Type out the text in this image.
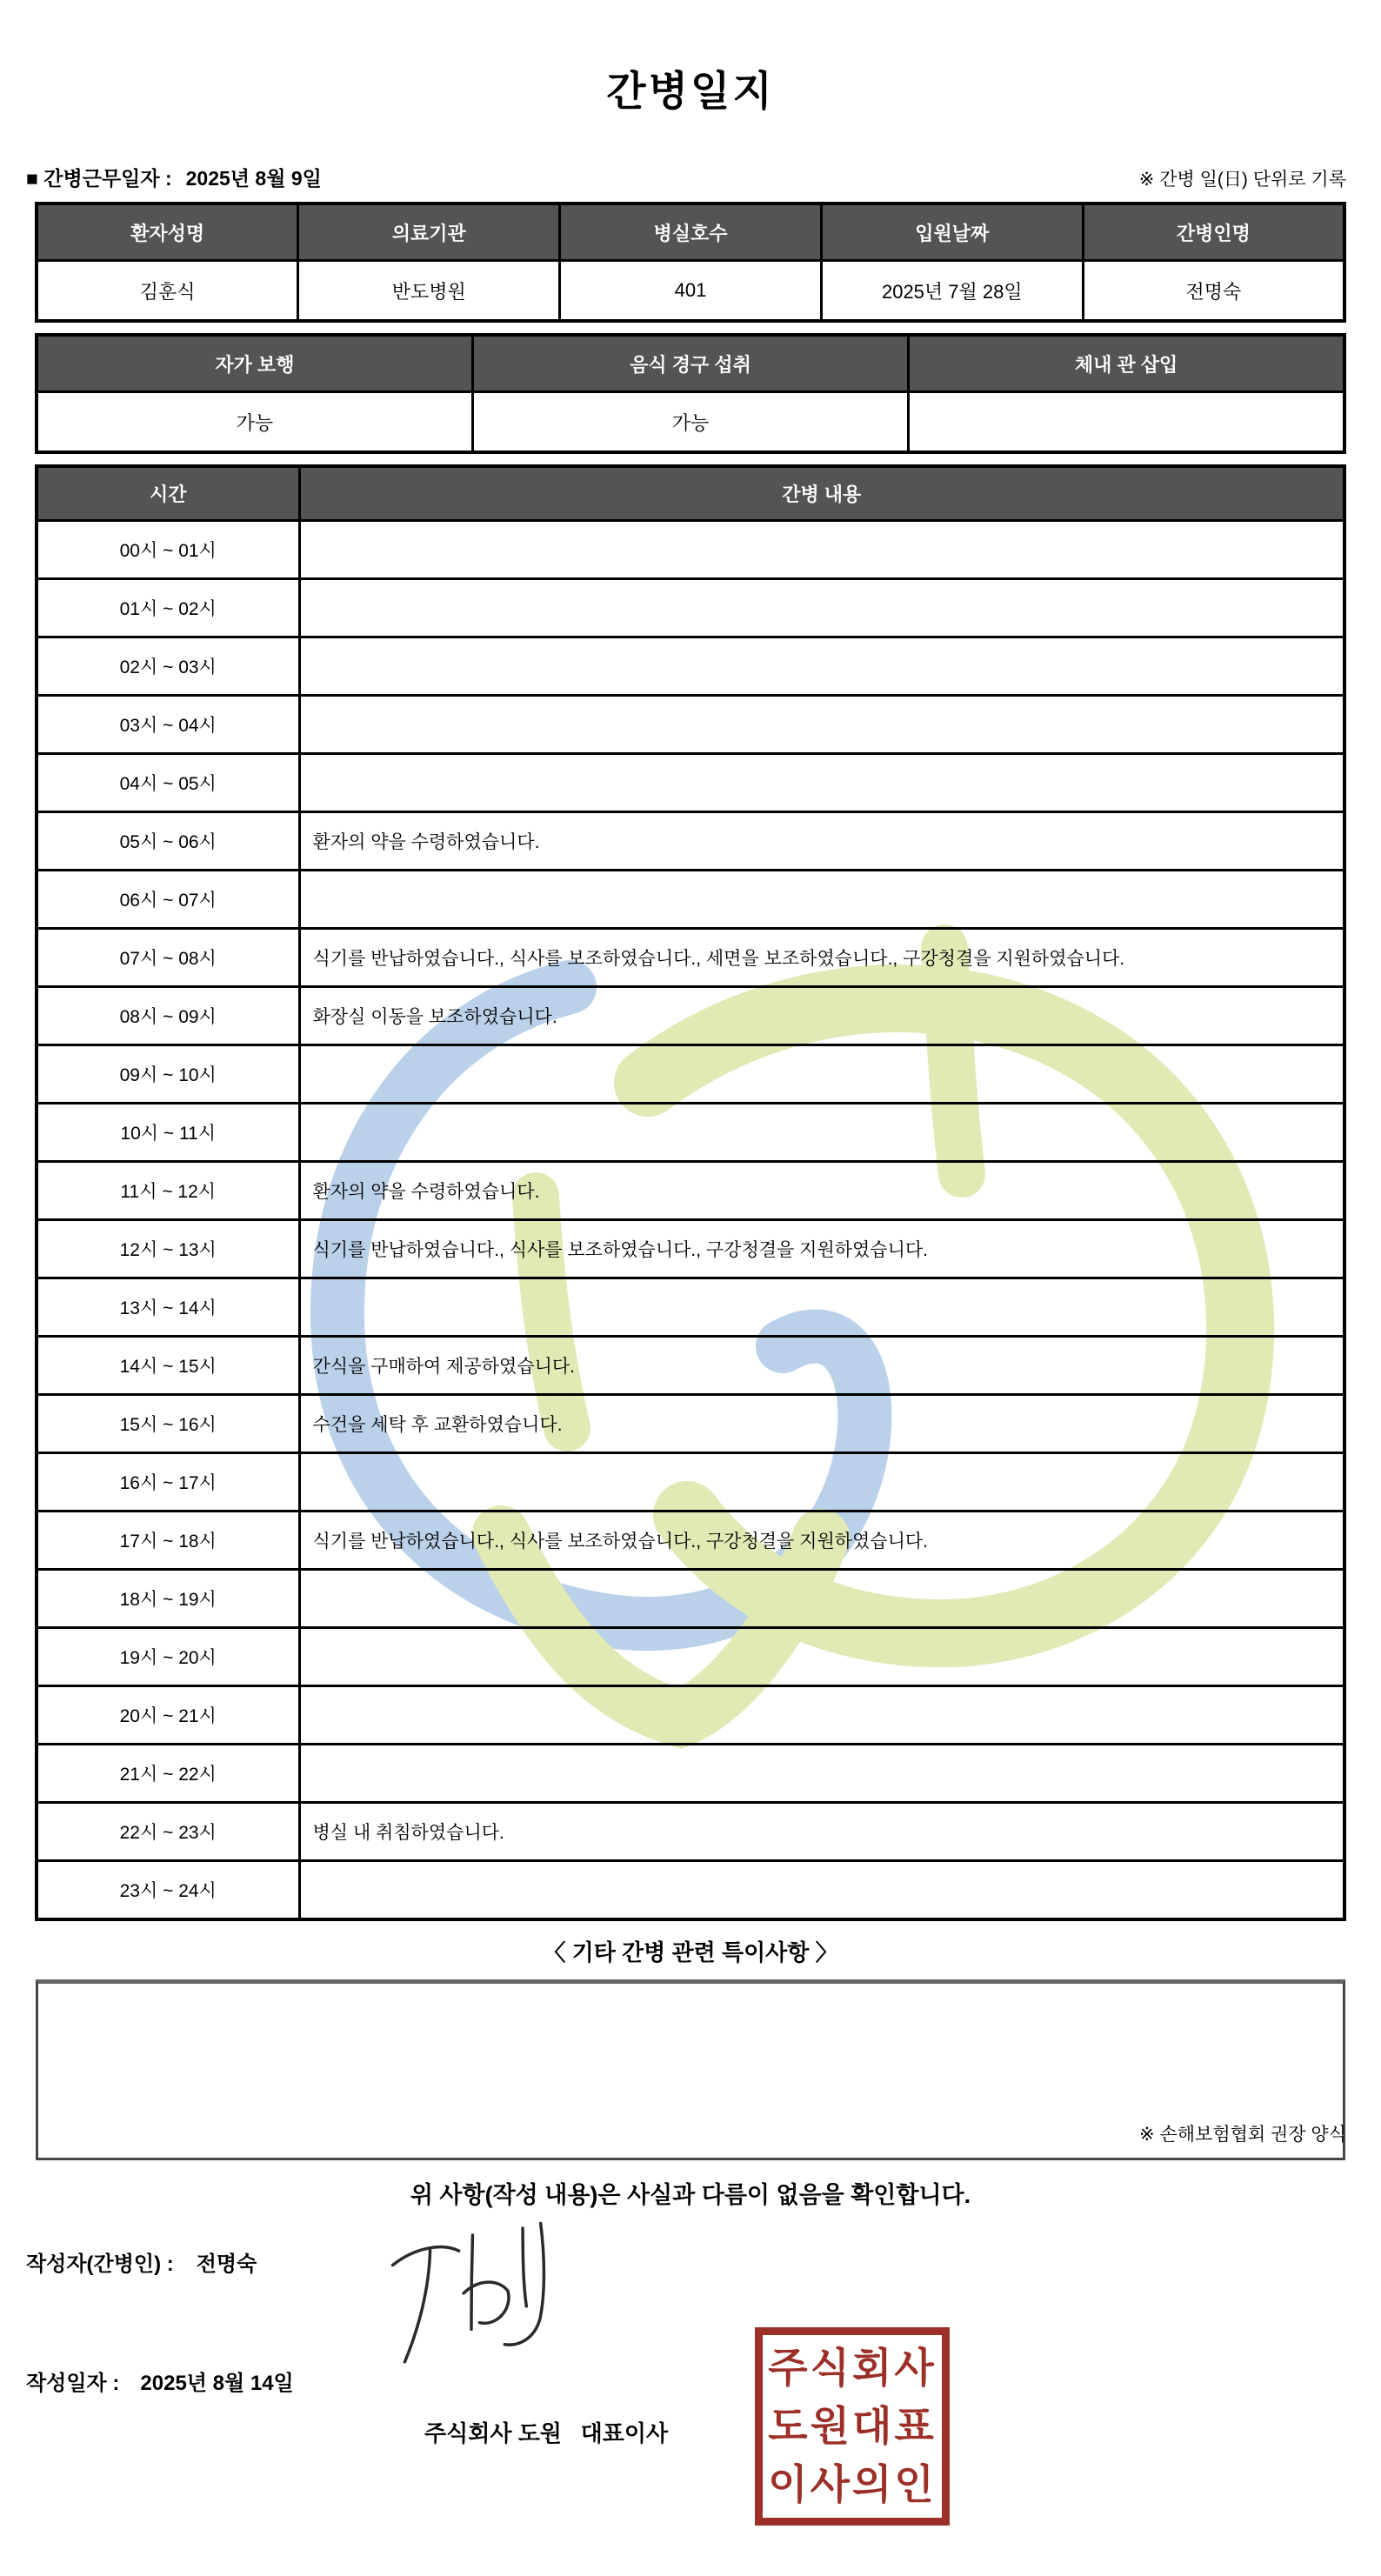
간병일지
■ 간병근무일자 : 2025년 8월 9일	※ 간병 일(日) 단위로 기록
환자성명	의료기관	병실호수	입원날짜	간병인명
김훈식	반도병원	401	2025년 7월 28일	전명숙
자가 보행	음식 경구 섭취	체내 관 삽입
가능	가능	
시간	간병 내용
00시 ~ 01시	
01시 ~ 02시	
02시 ~ 03시	
03시 ~ 04시	
04시 ~ 05시	
05시 ~ 06시	환자의 약을 수령하였습니다.
06시 ~ 07시	
07시 ~ 08시	식기를 반납하였습니다., 식사를 보조하였습니다., 세면을 보조하였습니다., 구강청결을 지원하였습니다.
08시 ~ 09시	화장실 이동을 보조하였습니다.
09시 ~ 10시	
10시 ~ 11시	
11시 ~ 12시	환자의 약을 수령하였습니다.
12시 ~ 13시	식기를 반납하였습니다., 식사를 보조하였습니다., 구강청결을 지원하였습니다.
13시 ~ 14시	
14시 ~ 15시	간식을 구매하여 제공하였습니다.
15시 ~ 16시	수건을 세탁 후 교환하였습니다.
16시 ~ 17시	
17시 ~ 18시	식기를 반납하였습니다., 식사를 보조하였습니다., 구강청결을 지원하였습니다.
18시 ~ 19시	
19시 ~ 20시	
20시 ~ 21시	
21시 ~ 22시	
22시 ~ 23시	병실 내 취침하였습니다.
23시 ~ 24시	
〈 기타 간병 관련 특이사항 〉
※ 손해보험협회 권장 양식
위 사항(작성 내용)은 사실과 다름이 없음을 확인합니다.
작성자(간병인) : 전명숙
작성일자 : 2025년 8월 14일
주식회사 도원   대표이사
주식회사
도원대표
이사의인
